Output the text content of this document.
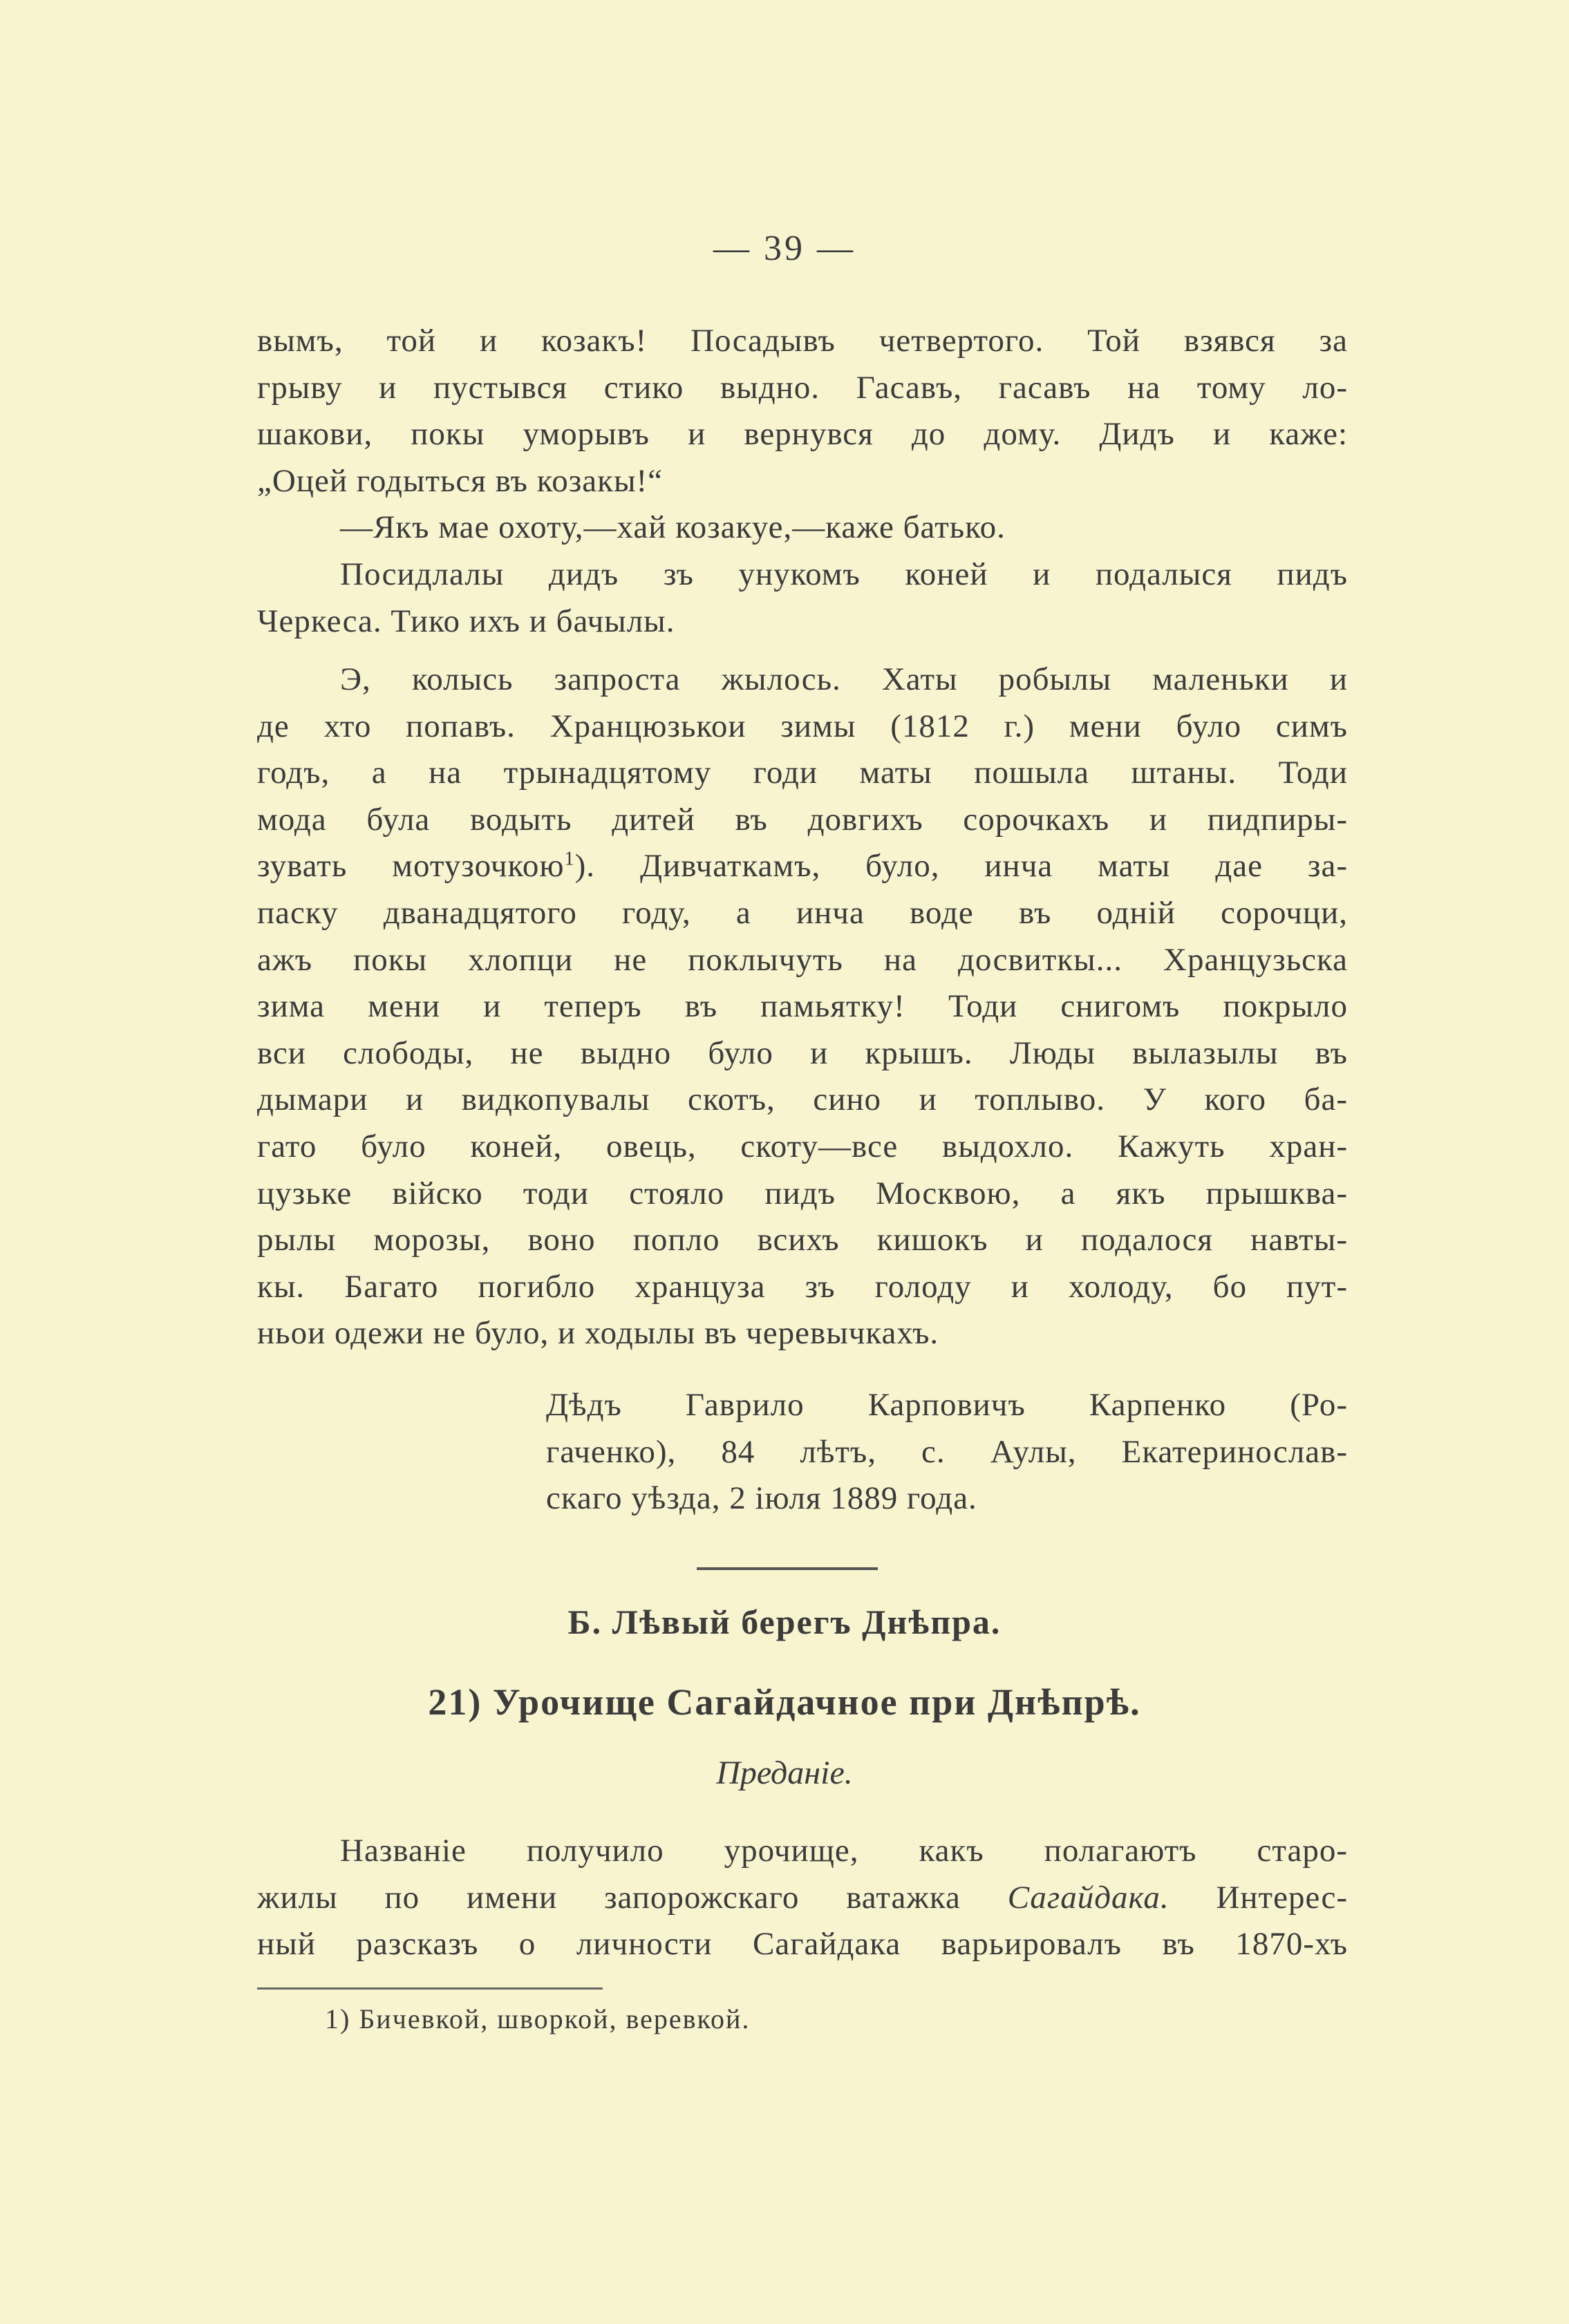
— 39 —
вымъ, той и козакъ! Посадывъ четвертого. Той взявся за
грыву и пустывся стико выдно. Гасавъ, гасавъ на тому ло-
шакови, покы уморывъ и вернувся до дому. Дидъ и каже:
„Оцей годыться въ козакы!“
—Якъ мае охоту,—хай козакуе,—каже батько.
Посидлалы дидъ зъ унукомъ коней и подалыся пидъ
Черкеса. Тико ихъ и бачылы.
Э, колысь запроста жылось. Хаты робылы маленьки и
де хто попавъ. Хранцюзькои зимы (1812 г.) мени було симъ
годъ, а на трынадцятому годи маты пошыла штаны. Тоди
мода була водыть дитей въ довгихъ сорочкахъ и пидпиры-
зувать мотузочкою$^1$). Дивчаткамъ, було, инча маты дае за-
паску дванадцятого году, а инча воде въ однiй сорочци,
ажъ покы хлопци не поклычуть на досвиткы... Хранцузьска
зима мени и теперъ въ памьятку! Тоди снигомъ покрыло
вси слободы, не выдно було и крышъ. Люды вылазылы въ
дымари и видкопувалы скотъ, сино и топлыво. У кого ба-
гато було коней, овець, скоту—все выдохло. Кажуть хран-
цузьке вiйско тоди стояло пидъ Москвою, а якъ прышква-
рылы морозы, воно попло всихъ кишокъ и подалося навты-
кы. Багато погибло хранцуза зъ голоду и холоду, бо пут-
ньои одежи не було, и ходылы въ черевычкахъ.
Дѣдъ Гаврило Карповичъ Карпенко (Ро-
гаченко), 84 лѣтъ, с. Аулы, Екатеринослав-
скаго уѣзда, 2 iюля 1889 года.
Б. Лѣвый берегъ Днѣпра.
21) Урочище Сагайдачное при Днѣпрѣ.
Преданiе.
Названiе получило урочище, какъ полагаютъ старо-
жилы по имени запорожскаго ватажка Сагайдака. Интерес-
ный разсказъ о личности Сагайдака варьировалъ въ 1870-хъ
1) Бичевкой, шворкой, веревкой.
